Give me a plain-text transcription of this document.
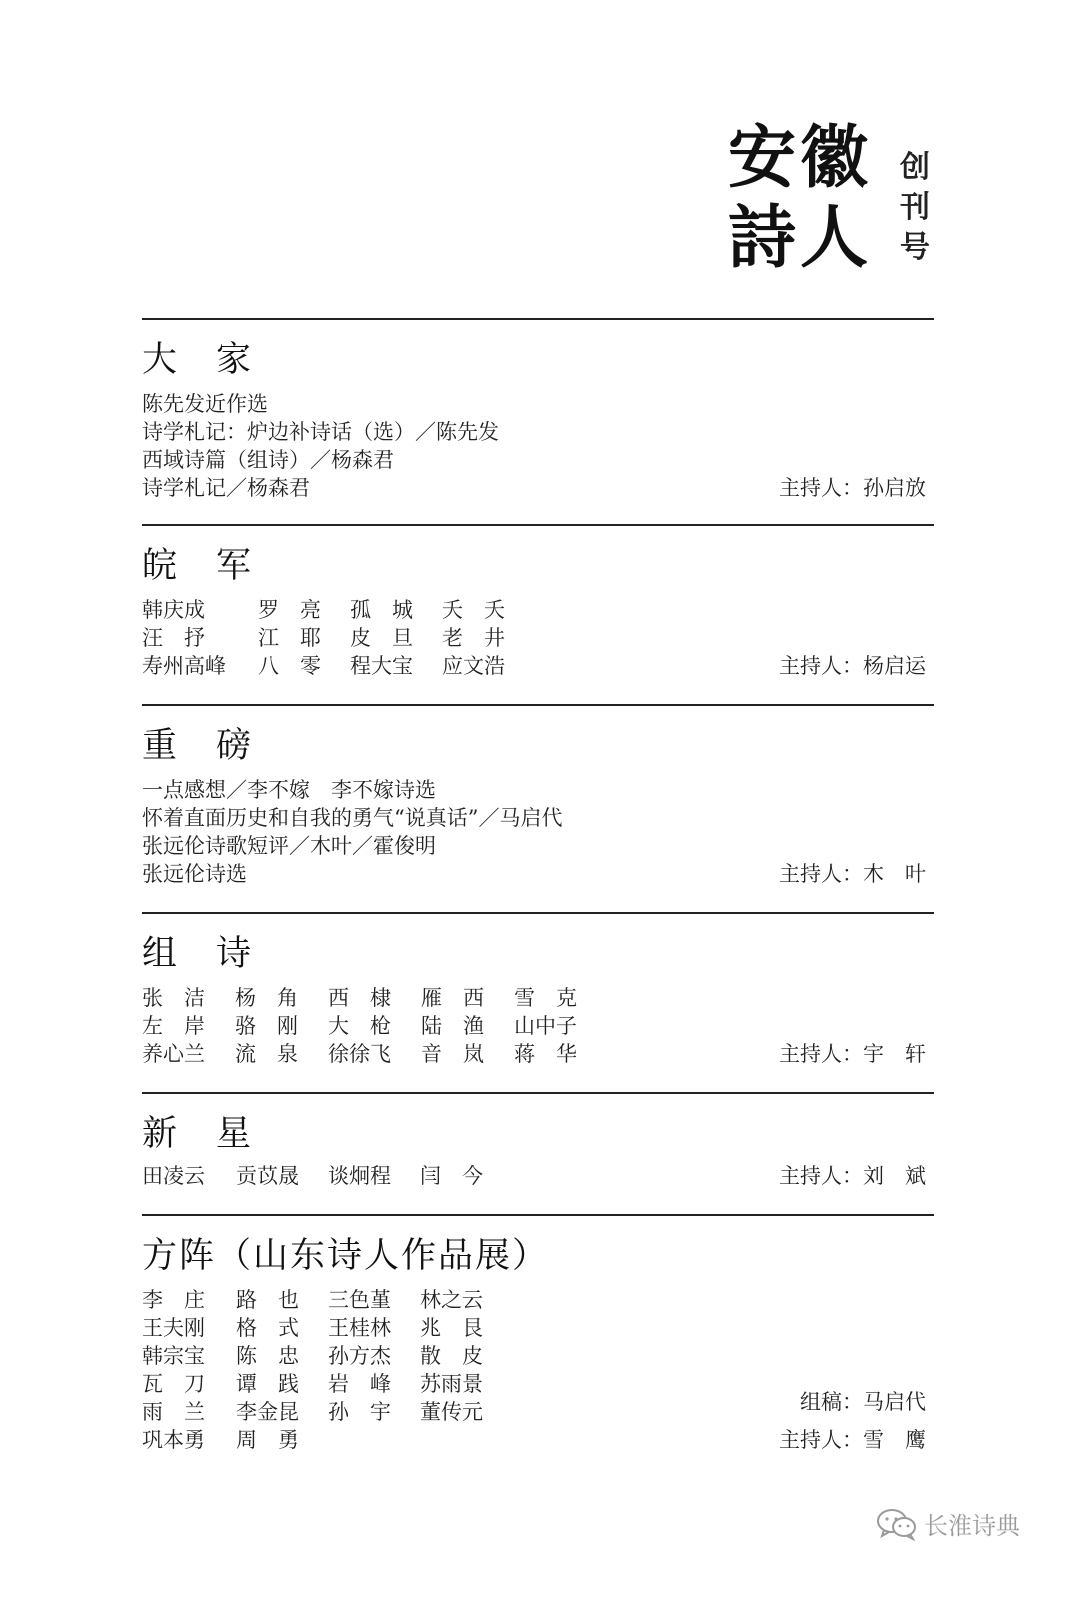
安徽
詩人
创
刊
号
大　家
陈先发近作选
诗学札记：炉边补诗话（选）／陈先发
西域诗篇（组诗）／杨森君
诗学札记／杨森君	主持人：孙启放
皖　军
韩庆成	罗　亮	孤　城	夭　夭
汪　抒	江　耶	皮　旦	老　井
寿州高峰	八　零	程大宝	应文浩	主持人：杨启运
重　磅
一点感想／李不嫁　李不嫁诗选
怀着直面历史和自我的勇气“说真话”／马启代
张远伦诗歌短评／木叶／霍俊明
张远伦诗选	主持人：木　叶
组　诗
张　洁	杨　角	西　棣	雁　西	雪　克
左　岸	骆　刚	大　枪	陆　渔	山中子
养心兰	流　泉	徐徐飞	音　岚	蒋　华	主持人：宇　轩
新　星
田凌云	贡苡晟	谈炯程	闫　今	主持人：刘　斌
方阵（山东诗人作品展）
李　庄	路　也	三色堇	林之云
王夫刚	格　式	王桂林	兆　艮
韩宗宝	陈　忠	孙方杰	散　皮
瓦　刀	谭　践	岩　峰	苏雨景
雨　兰	李金昆	孙　宇	董传元
巩本勇	周　勇
组稿：马启代
主持人：雪　鹰
长淮诗典
